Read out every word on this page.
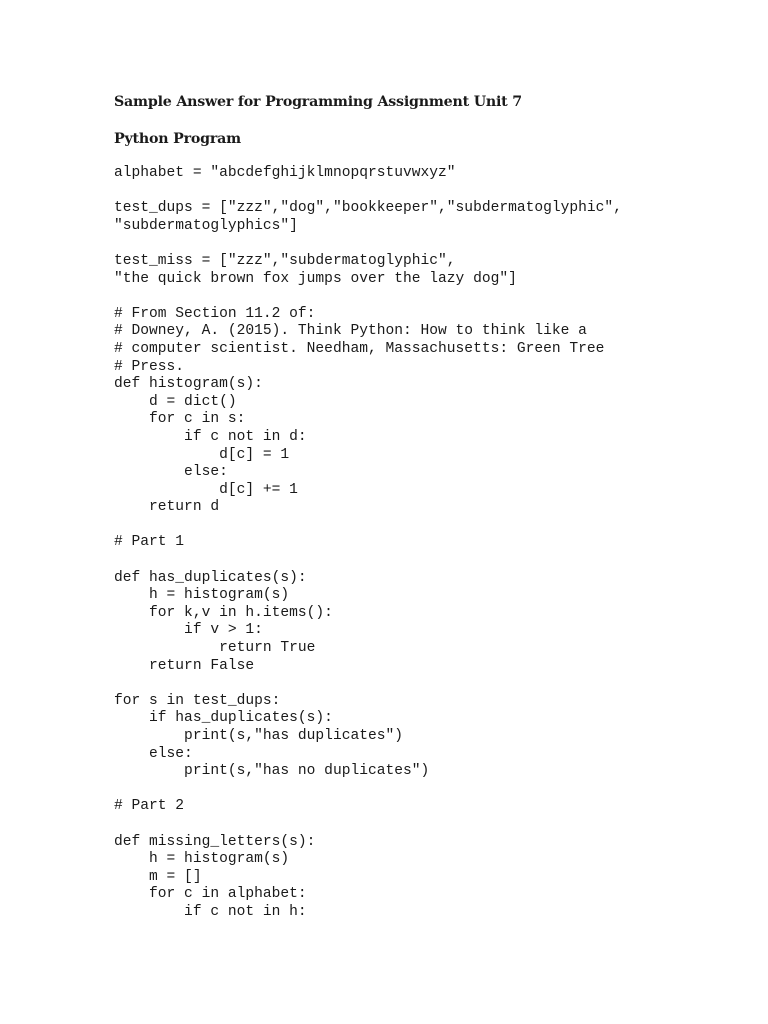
Sample Answer for Programming Assignment Unit 7
Python Program
alphabet = "abcdefghijklmnopqrstuvwxyz"
test_dups = ["zzz","dog","bookkeeper","subdermatoglyphic",
"subdermatoglyphics"]
test_miss = ["zzz","subdermatoglyphic",
"the quick brown fox jumps over the lazy dog"]
# From Section 11.2 of:
# Downey, A. (2015). Think Python: How to think like a
# computer scientist. Needham, Massachusetts: Green Tree
# Press.
def histogram(s):
d = dict()
for c in s:
if c not in d:
d[c] = 1
else:
d[c] += 1
return d
# Part 1
def has_duplicates(s):
h = histogram(s)
for k,v in h.items():
if v > 1:
return True
return False
for s in test_dups:
if has_duplicates(s):
print(s,"has duplicates")
else:
print(s,"has no duplicates")
# Part 2
def missing_letters(s):
h = histogram(s)
m = []
for c in alphabet:
if c not in h:
